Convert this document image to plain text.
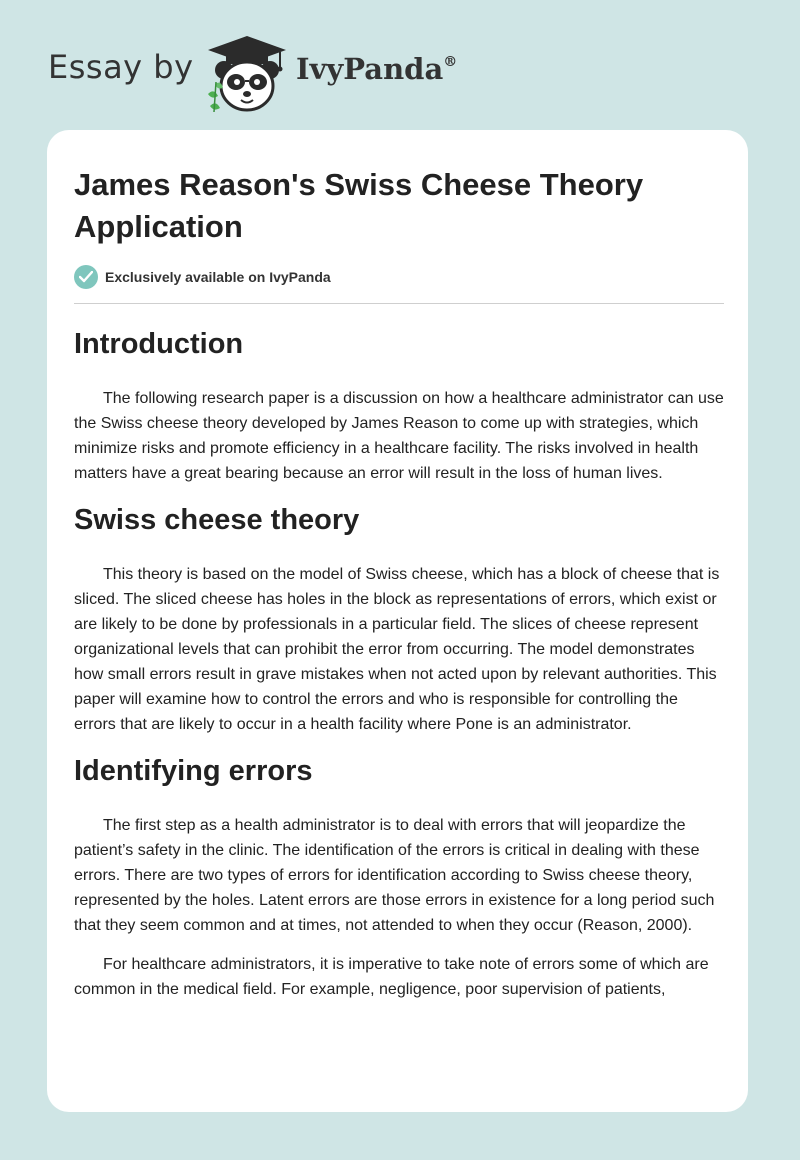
Essay by	IvyPanda®
James Reason's Swiss Cheese Theory Application
Exclusively available on IvyPanda
Introduction

The following research paper is a discussion on how a healthcare administrator can use the Swiss cheese theory developed by James Reason to come up with strategies, which minimize risks and promote efficiency in a healthcare facility. The risks involved in health matters have a great bearing because an error will result in the loss of human lives.

Swiss cheese theory

This theory is based on the model of Swiss cheese, which has a block of cheese that is sliced. The sliced cheese has holes in the block as representations of errors, which exist or are likely to be done by professionals in a particular field. The slices of cheese represent organizational levels that can prohibit the error from occurring. The model demonstrates how small errors result in grave mistakes when not acted upon by relevant authorities. This paper will examine how to control the errors and who is responsible for controlling the errors that are likely to occur in a health facility where Pone is an administrator.

Identifying errors

The first step as a health administrator is to deal with errors that will jeopardize the patient’s safety in the clinic. The identification of the errors is critical in dealing with these errors. There are two types of errors for identification according to Swiss cheese theory, represented by the holes. Latent errors are those errors in existence for a long period such that they seem common and at times, not attended to when they occur (Reason, 2000).

For healthcare administrators, it is imperative to take note of errors some of which are common in the medical field. For example, negligence, poor supervision of patients,
